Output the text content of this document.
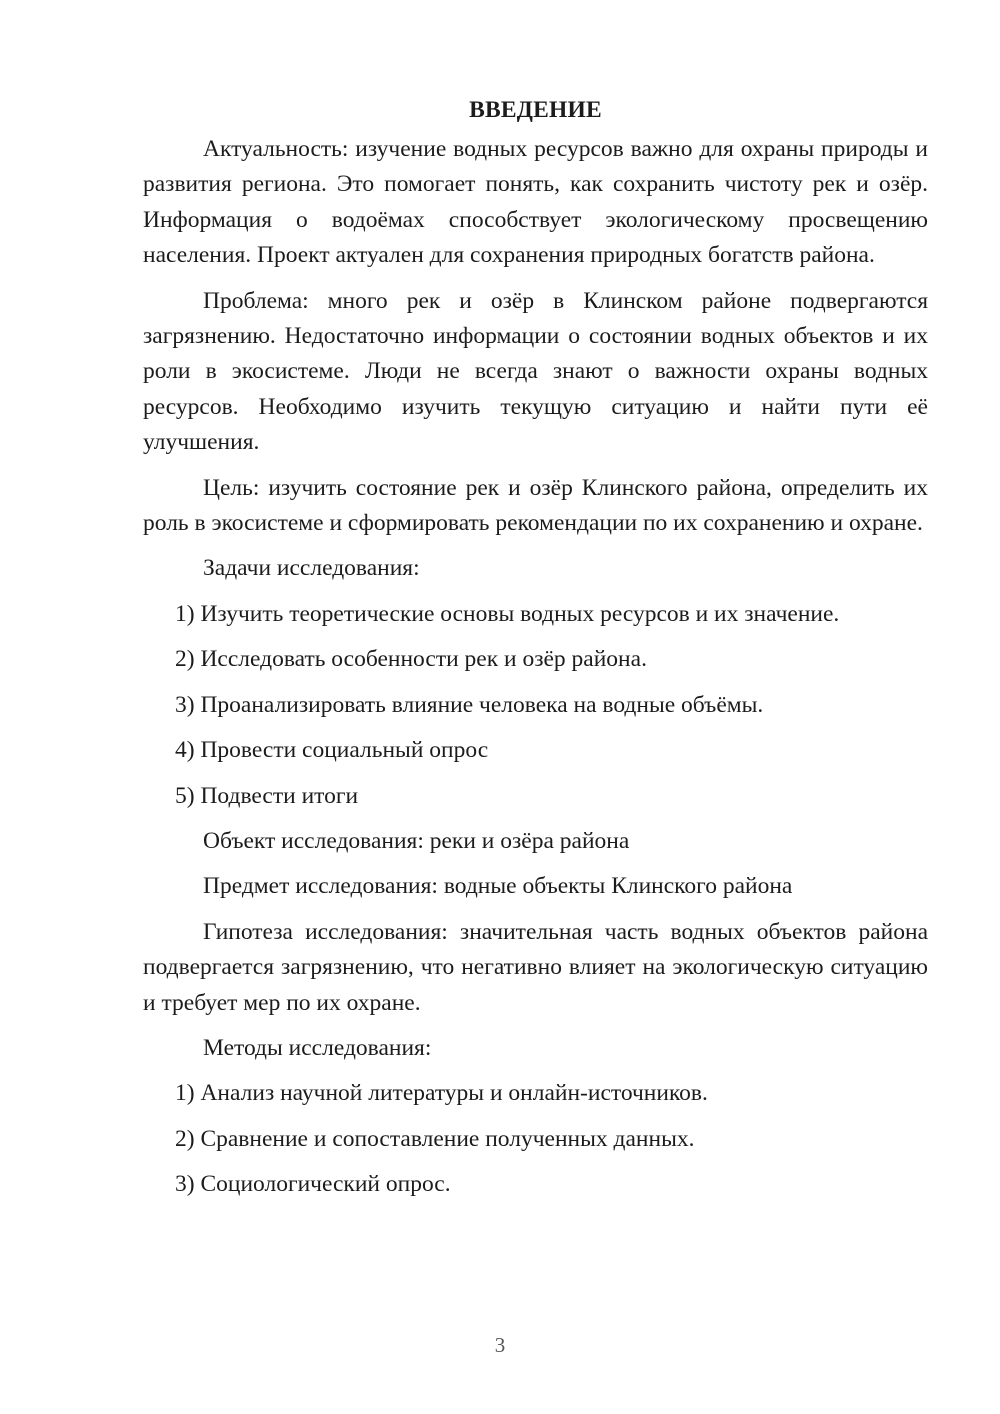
ВВЕДЕНИЕ

Актуальность: изучение водных ресурсов важно для охраны природы и развития региона. Это помогает понять, как сохранить чистоту рек и озёр. Информация о водоёмах способствует экологическому просвещению населения. Проект актуален для сохранения природных богатств района.

Проблема: много рек и озёр в Клинском районе подвергаются загрязнению. Недостаточно информации о состоянии водных объектов и их роли в экосистеме. Люди не всегда знают о важности охраны водных ресурсов. Необходимо изучить текущую ситуацию и найти пути её улучшения.

Цель: изучить состояние рек и озёр Клинского района, определить их роль в экосистеме и сформировать рекомендации по их сохранению и охране.

Задачи исследования:

1) Изучить теоретические основы водных ресурсов и их значение.
2) Исследовать особенности рек и озёр района.
3) Проанализировать влияние человека на водные объёмы.
4) Провести социальный опрос
5) Подвести итоги

Объект исследования: реки и озёра района

Предмет исследования: водные объекты Клинского района

Гипотеза исследования: значительная часть водных объектов района подвергается загрязнению, что негативно влияет на экологическую ситуацию и требует мер по их охране.

Методы исследования:

1) Анализ научной литературы и онлайн-источников.
2) Сравнение и сопоставление полученных данных.
3) Социологический опрос.
3
